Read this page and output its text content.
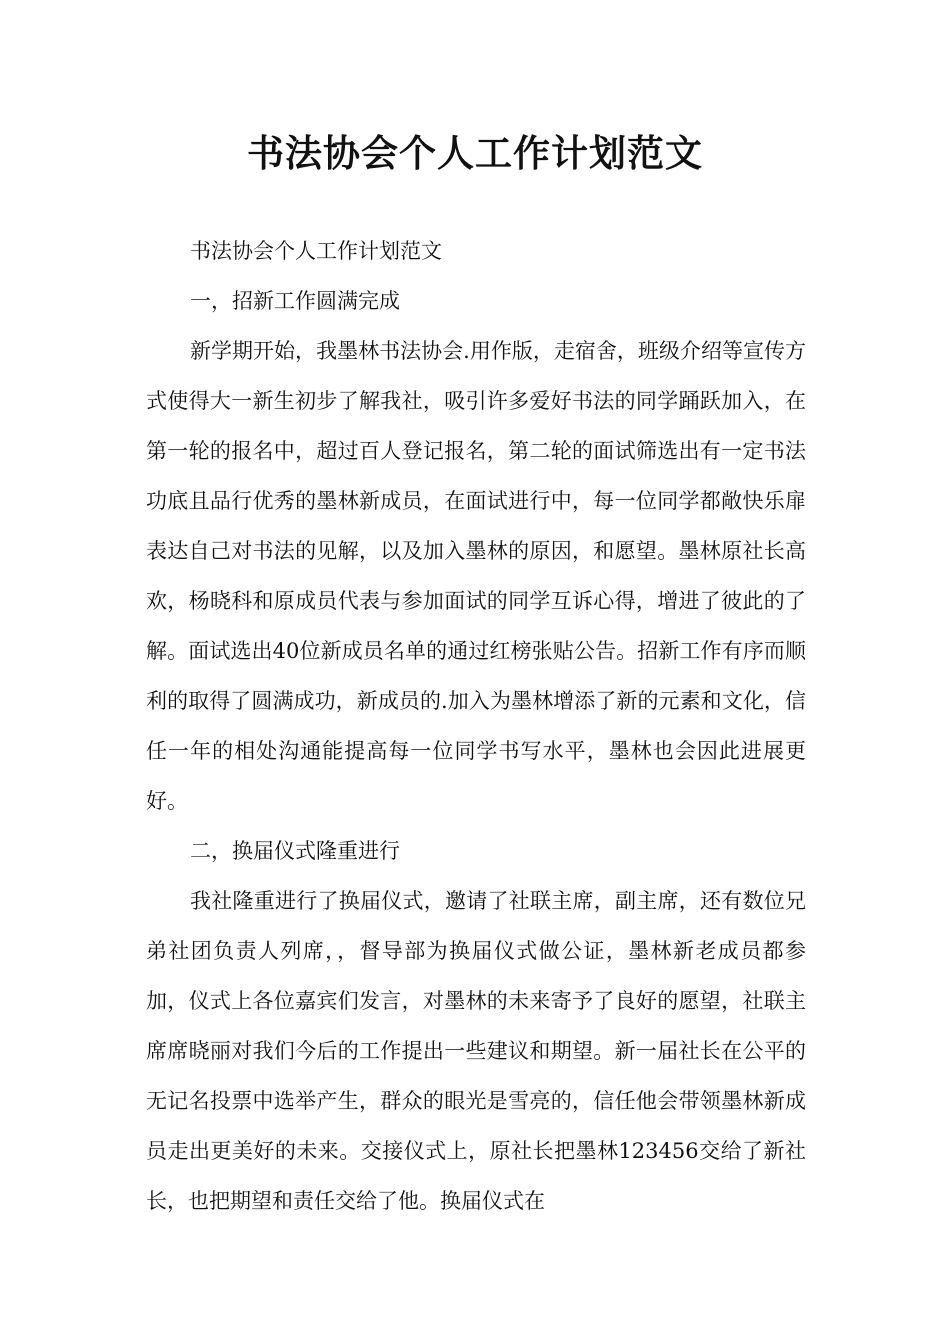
书法协会个人工作计划范文

书法协会个人工作计划范文

一，招新工作圆满完成

新学期开始，我墨林书法协会.用作版，走宿舍，班级介绍等宣传方式使得大一新生初步了解我社，吸引许多爱好书法的同学踊跃加入，在第一轮的报名中，超过百人登记报名，第二轮的面试筛选出有一定书法功底且品行优秀的墨林新成员，在面试进行中，每一位同学都敞快乐扉表达自己对书法的见解，以及加入墨林的原因，和愿望。墨林原社长高欢，杨晓科和原成员代表与参加面试的同学互诉心得，增进了彼此的了解。面试选出40位新成员名单的通过红榜张贴公告。招新工作有序而顺利的取得了圆满成功，新成员的.加入为墨林增添了新的元素和文化，信任一年的相处沟通能提高每一位同学书写水平，墨林也会因此进展更好。

二，换届仪式隆重进行

我社隆重进行了换届仪式，邀请了社联主席，副主席，还有数位兄弟社团负责人列席，，督导部为换届仪式做公证，墨林新老成员都参加，仪式上各位嘉宾们发言，对墨林的未来寄予了良好的愿望，社联主席席晓丽对我们今后的工作提出一些建议和期望。新一届社长在公平的无记名投票中选举产生，群众的眼光是雪亮的，信任他会带领墨林新成员走出更美好的未来。交接仪式上，原社长把墨林123456交给了新社长，也把期望和责任交给了他。换届仪式在
